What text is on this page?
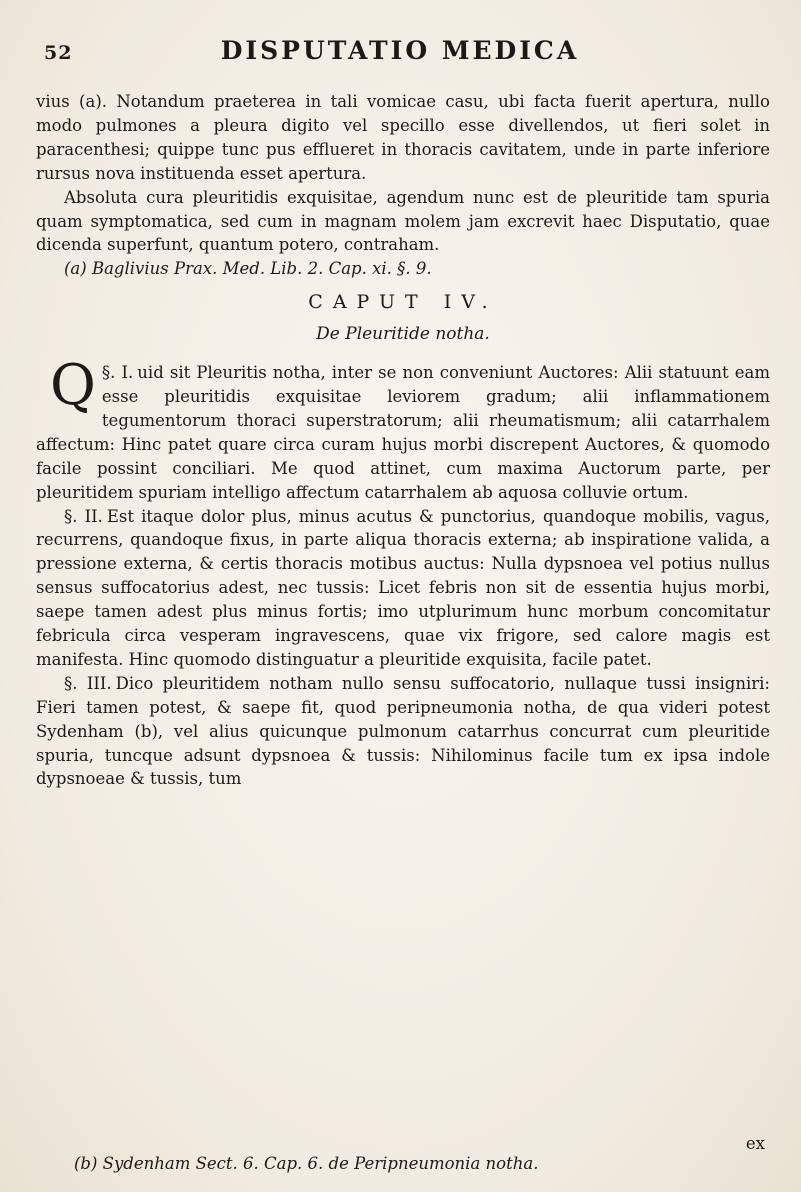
52	DISPUTATIO MEDICA

vius (a). Notandum praeterea in tali vomicae casu, ubi facta fuerit apertura, nullo modo pulmones a pleura digito vel specillo esse divellendos, ut fieri solet in paracenthesi; quippe tunc pus efflueret in thoracis cavitatem, unde in parte inferiore rursus nova instituenda esset apertura.

Absoluta cura pleuritidis exquisitae, agendum nunc est de pleuritide tam spuria quam symptomatica, sed cum in magnam molem jam excrevit haec Disputatio, quae dicenda superfunt, quantum potero, contraham.

(a) Baglivius Prax. Med. Lib. 2. Cap. xi. §. 9.

CAPUT IV.
De Pleuritide notha.

§. I.
Q	uid sit Pleuritis notha, inter se non conveniunt Auctores: Alii statuunt eam esse pleuritidis exquisitae leviorem gradum; alii inflammationem tegumentorum thoraci superstratorum; alii rheumatismum; alii catarrhalem affectum: Hinc patet quare circa curam hujus morbi discrepent Auctores, & quomodo facile possint conciliari. Me quod attinet, cum maxima Auctorum parte, per pleuritidem spuriam intelligo affectum catarrhalem ab aquosa colluvie ortum.

§. II. Est itaque dolor plus, minus acutus & punctorius, quandoque mobilis, vagus, recurrens, quandoque fixus, in parte aliqua thoracis externa; ab inspiratione valida, a pressione externa, & certis thoracis motibus auctus: Nulla dypsnoea vel potius nullus sensus suffocatorius adest, nec tussis: Licet febris non sit de essentia hujus morbi, saepe tamen adest plus minus fortis; imo utplurimum hunc morbum concomitatur febricula circa vesperam ingravescens, quae vix frigore, sed calore magis est manifesta. Hinc quomodo distinguatur a pleuritide exquisita, facile patet.

§. III. Dico pleuritidem notham nullo sensu suffocatorio, nullaque tussi insigniri: Fieri tamen potest, & saepe fit, quod peripneumonia notha, de qua videri potest Sydenham (b), vel alius quicunque pulmonum catarrhus concurrat cum pleuritide spuria, tuncque adsunt dypsnoea & tussis: Nihilominus facile tum ex ipsa indole dypsnoeae & tussis, tum

ex
(b) Sydenham Sect. 6. Cap. 6. de Peripneumonia notha.
